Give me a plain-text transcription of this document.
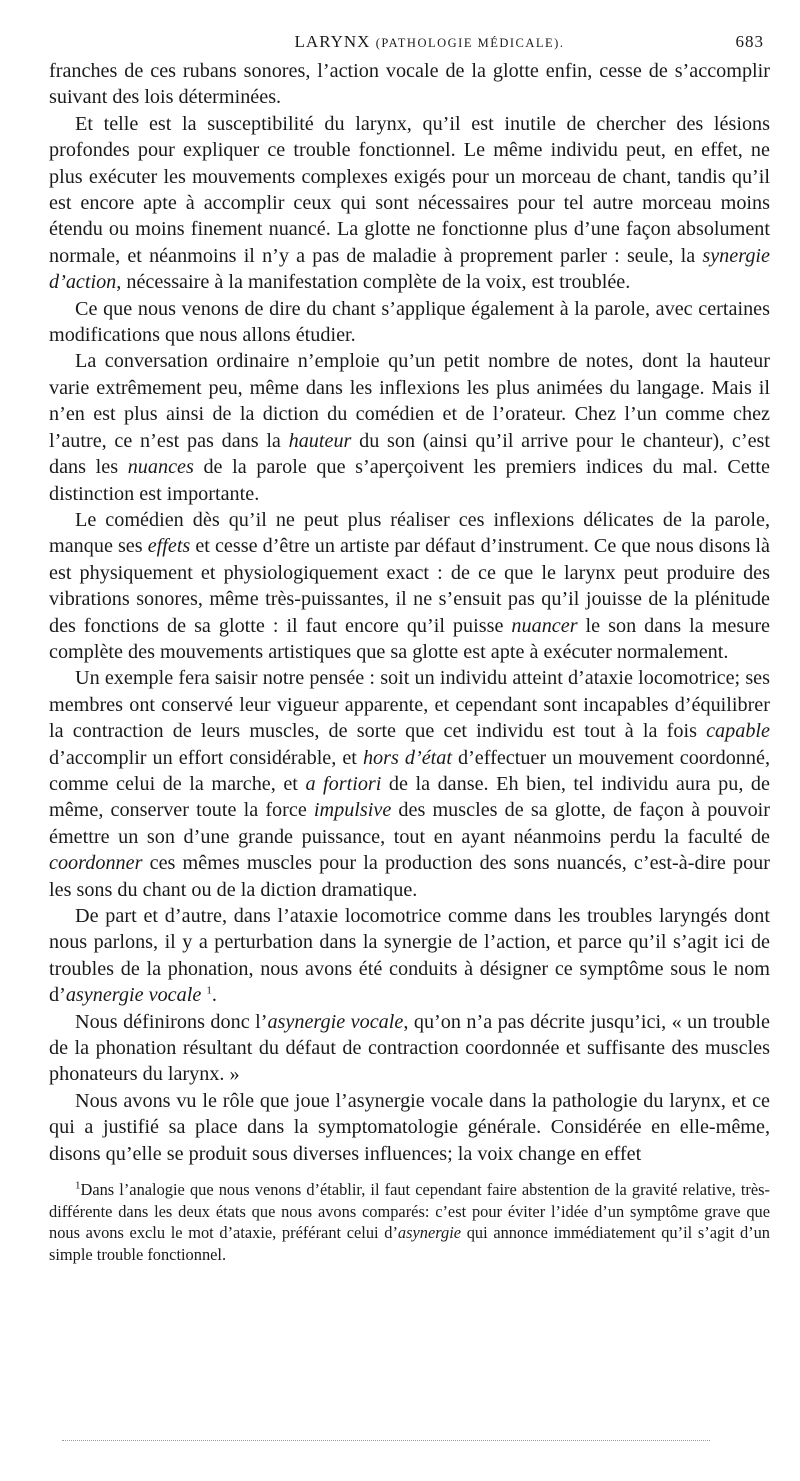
LARYNX (PATHOLOGIE MÉDICALE).	683

franches de ces rubans sonores, l’action vocale de la glotte enfin, cesse de s’accomplir suivant des lois déterminées.

Et telle est la susceptibilité du larynx, qu’il est inutile de chercher des lésions profondes pour expliquer ce trouble fonctionnel. Le même individu peut, en effet, ne plus exécuter les mouvements complexes exigés pour un morceau de chant, tandis qu’il est encore apte à accomplir ceux qui sont nécessaires pour tel autre morceau moins étendu ou moins finement nuancé. La glotte ne fonctionne plus d’une façon absolument normale, et néanmoins il n’y a pas de maladie à proprement parler : seule, la synergie d’action, nécessaire à la manifestation complète de la voix, est troublée.

Ce que nous venons de dire du chant s’applique également à la parole, avec certaines modifications que nous allons étudier.

La conversation ordinaire n’emploie qu’un petit nombre de notes, dont la hauteur varie extrêmement peu, même dans les inflexions les plus animées du langage. Mais il n’en est plus ainsi de la diction du comédien et de l’orateur. Chez l’un comme chez l’autre, ce n’est pas dans la hauteur du son (ainsi qu’il arrive pour le chanteur), c’est dans les nuances de la parole que s’aperçoivent les premiers indices du mal. Cette distinction est importante.

Le comédien dès qu’il ne peut plus réaliser ces inflexions délicates de la parole, manque ses effets et cesse d’être un artiste par défaut d’instrument. Ce que nous disons là est physiquement et physiologiquement exact : de ce que le larynx peut produire des vibrations sonores, même très-puissantes, il ne s’ensuit pas qu’il jouisse de la plénitude des fonctions de sa glotte : il faut encore qu’il puisse nuancer le son dans la mesure complète des mouvements artistiques que sa glotte est apte à exécuter normalement.

Un exemple fera saisir notre pensée : soit un individu atteint d’ataxie locomotrice; ses membres ont conservé leur vigueur apparente, et cependant sont incapables d’équilibrer la contraction de leurs muscles, de sorte que cet individu est tout à la fois capable d’accomplir un effort considérable, et hors d’état d’effectuer un mouvement coordonné, comme celui de la marche, et a fortiori de la danse. Eh bien, tel individu aura pu, de même, conserver toute la force impulsive des muscles de sa glotte, de façon à pouvoir émettre un son d’une grande puissance, tout en ayant néanmoins perdu la faculté de coordonner ces mêmes muscles pour la production des sons nuancés, c’est-à-dire pour les sons du chant ou de la diction dramatique.

De part et d’autre, dans l’ataxie locomotrice comme dans les troubles laryngés dont nous parlons, il y a perturbation dans la synergie de l’action, et parce qu’il s’agit ici de troubles de la phonation, nous avons été conduits à désigner ce symptôme sous le nom d’asynergie vocale $^1$.

Nous définirons donc l’asynergie vocale, qu’on n’a pas décrite jusqu’ici, « un trouble de la phonation résultant du défaut de contraction coordonnée et suffisante des muscles phonateurs du larynx. »

Nous avons vu le rôle que joue l’asynergie vocale dans la pathologie du larynx, et ce qui a justifié sa place dans la symptomatologie générale. Considérée en elle-même, disons qu’elle se produit sous diverses influences; la voix change en effet

$^1$Dans l’analogie que nous venons d’établir, il faut cependant faire abstention de la gravité relative, très-différente dans les deux états que nous avons comparés: c’est pour éviter l’idée d’un symptôme grave que nous avons exclu le mot d’ataxie, préférant celui d’asynergie qui annonce immédiatement qu’il s’agit d’un simple trouble fonctionnel.
